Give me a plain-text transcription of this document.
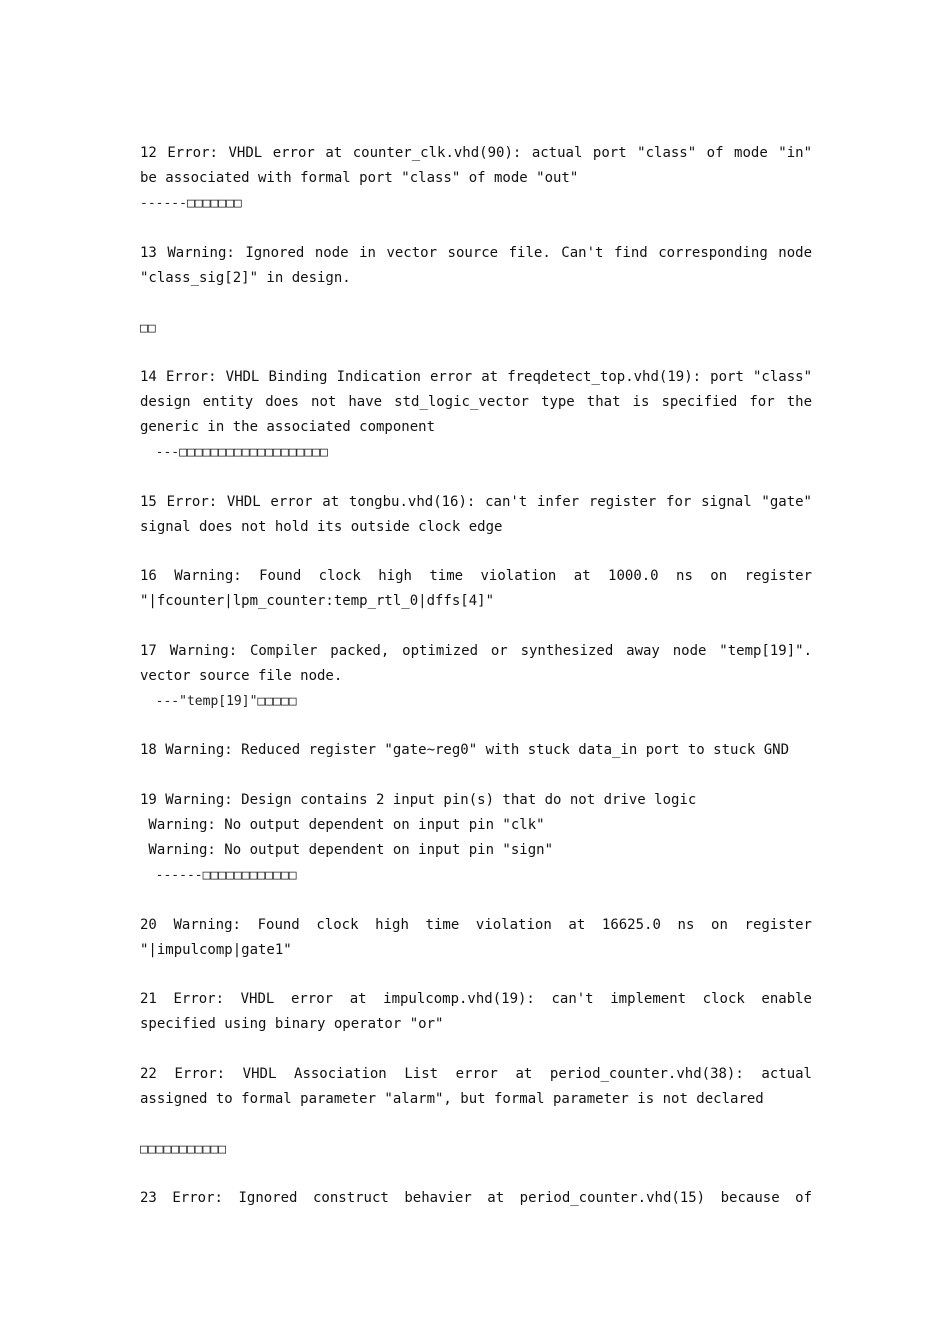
12 Error: VHDL error at counter_clk.vhd(90): actual port "class" of mode "in"
be associated with formal port "class" of mode "out"
------□□□□□□□
13 Warning: Ignored node in vector source file. Can't find corresponding node
"class_sig[2]" in design.

□□
14 Error: VHDL Binding Indication error at freqdetect_top.vhd(19): port "class"
design entity does not have std_logic_vector type that is specified for the
generic in the associated component
---□□□□□□□□□□□□□□□□□□□
15 Error: VHDL error at tongbu.vhd(16): can't infer register for signal "gate"
signal does not hold its outside clock edge
16 Warning: Found clock high time violation at 1000.0 ns on register
"|fcounter|lpm_counter:temp_rtl_0|dffs[4]"
17 Warning: Compiler packed, optimized or synthesized away node "temp[19]".
vector source file node.
---"temp[19]"□□□□□
18 Warning: Reduced register "gate~reg0" with stuck data_in port to stuck GND
19 Warning: Design contains 2 input pin(s) that do not drive logic
Warning: No output dependent on input pin "clk"
Warning: No output dependent on input pin "sign"
------□□□□□□□□□□□□
20 Warning: Found clock high time violation at 16625.0 ns on register
"|impulcomp|gate1"
21 Error: VHDL error at impulcomp.vhd(19): can't implement clock enable
specified using binary operator "or"
22 Error: VHDL Association List error at period_counter.vhd(38): actual
assigned to formal parameter "alarm", but formal parameter is not declared

□□□□□□□□□□□
23 Error: Ignored construct behavier at period_counter.vhd(15) because of
